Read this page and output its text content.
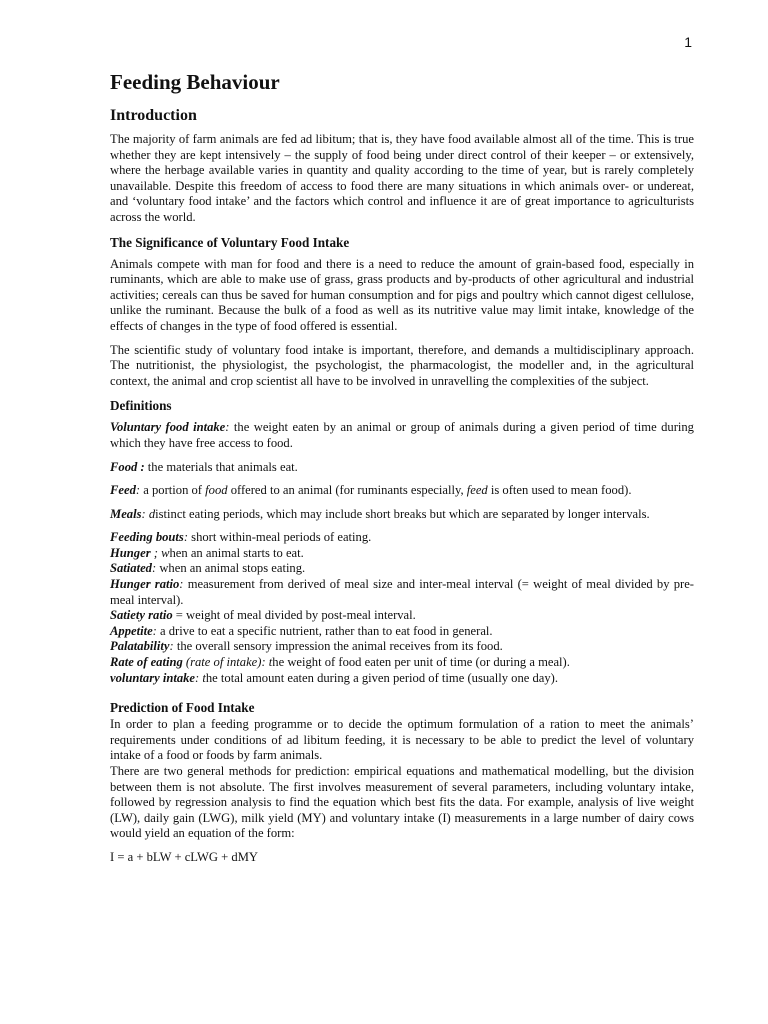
1
Feeding Behaviour
Introduction

The majority of farm animals are fed ad libitum; that is, they have food available almost all of the time. This is true whether they are kept intensively – the supply of food being under direct control of their keeper – or extensively, where the herbage available varies in quantity and quality according to the time of year, but is rarely completely unavailable. Despite this freedom of access to food there are many situations in which animals over- or undereat, and ‘voluntary food intake’ and the factors which control and influence it are of great importance to agriculturists across the world.

The Significance of Voluntary Food Intake

Animals compete with man for food and there is a need to reduce the amount of grain-based food, especially in ruminants, which are able to make use of grass, grass products and by-products of other agricultural and industrial activities; cereals can thus be saved for human consumption and for pigs and poultry which cannot digest cellulose, unlike the ruminant. Because the bulk of a food as well as its nutritive value may limit intake, knowledge of the effects of changes in the type of food offered is essential.

The scientific study of voluntary food intake is important, therefore, and demands a multidisciplinary approach. The nutritionist, the physiologist, the psychologist, the pharmacologist, the modeller and, in the agricultural context, the animal and crop scientist all have to be involved in unravelling the complexities of the subject.

Definitions

Voluntary food intake: the weight eaten by an animal or group of animals during a given period of time during which they have free access to food.

Food : the materials that animals eat.

Feed: a portion of food offered to an animal (for ruminants especially, feed is often used to mean food).

Meals: distinct eating periods, which may include short breaks but which are separated by longer intervals.

Feeding bouts: short within-meal periods of eating.

Hunger ; when an animal starts to eat.

Satiated: when an animal stops eating.

Hunger ratio: measurement from derived of meal size and inter-meal interval (= weight of meal divided by pre-meal interval).

Satiety ratio = weight of meal divided by post-meal interval.

Appetite: a drive to eat a specific nutrient, rather than to eat food in general.

Palatability: the overall sensory impression the animal receives from its food.

Rate of eating (rate of intake): the weight of food eaten per unit of time (or during a meal).

voluntary intake: the total amount eaten during a given period of time (usually one day).

Prediction of Food Intake

In order to plan a feeding programme or to decide the optimum formulation of a ration to meet the animals’ requirements under conditions of ad libitum feeding, it is necessary to be able to predict the level of voluntary intake of a food or foods by farm animals.

There are two general methods for prediction: empirical equations and mathematical modelling, but the division between them is not absolute. The first involves measurement of several parameters, including voluntary intake, followed by regression analysis to find the equation which best fits the data. For example, analysis of live weight (LW), daily gain (LWG), milk yield (MY) and voluntary intake (I) measurements in a large number of dairy cows would yield an equation of the form:

I = a + bLW + cLWG + dMY
